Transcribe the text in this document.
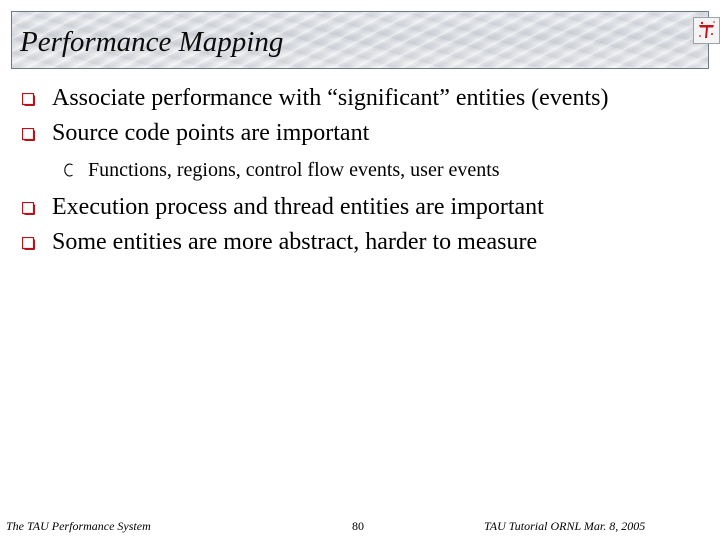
Performance Mapping
Associate performance with “significant” entities (events)
Source code points are important
Functions, regions, control flow events, user events
Execution process and thread entities are important
Some entities are more abstract, harder to measure
The TAU Performance System	80	TAU Tutorial ORNL Mar. 8, 2005
